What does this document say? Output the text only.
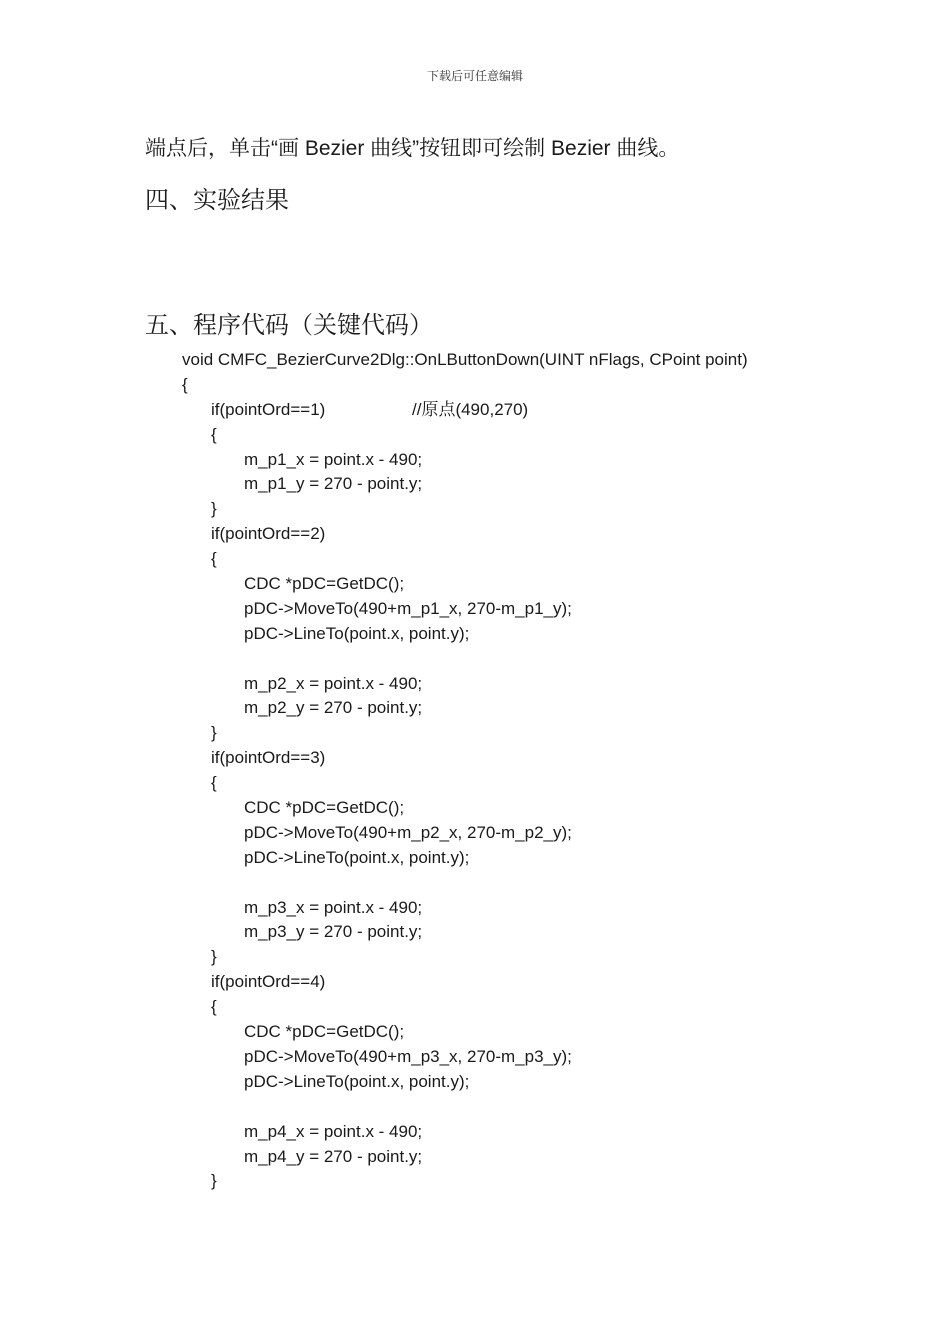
下载后可任意编辑
端点后，单击“画 Bezier 曲线”按钮即可绘制 Bezier 曲线。
四、实验结果
五、程序代码（关键代码）
void CMFC_BezierCurve2Dlg::OnLButtonDown(UINT nFlags, CPoint point)
{
if(pointOrd==1)	//原点(490,270)
{
m_p1_x = point.x - 490;
m_p1_y = 270 - point.y;
}
if(pointOrd==2)
{
CDC *pDC=GetDC();
pDC->MoveTo(490+m_p1_x, 270-m_p1_y);
pDC->LineTo(point.x, point.y);
m_p2_x = point.x - 490;
m_p2_y = 270 - point.y;
}
if(pointOrd==3)
{
CDC *pDC=GetDC();
pDC->MoveTo(490+m_p2_x, 270-m_p2_y);
pDC->LineTo(point.x, point.y);
m_p3_x = point.x - 490;
m_p3_y = 270 - point.y;
}
if(pointOrd==4)
{
CDC *pDC=GetDC();
pDC->MoveTo(490+m_p3_x, 270-m_p3_y);
pDC->LineTo(point.x, point.y);
m_p4_x = point.x - 490;
m_p4_y = 270 - point.y;
}
